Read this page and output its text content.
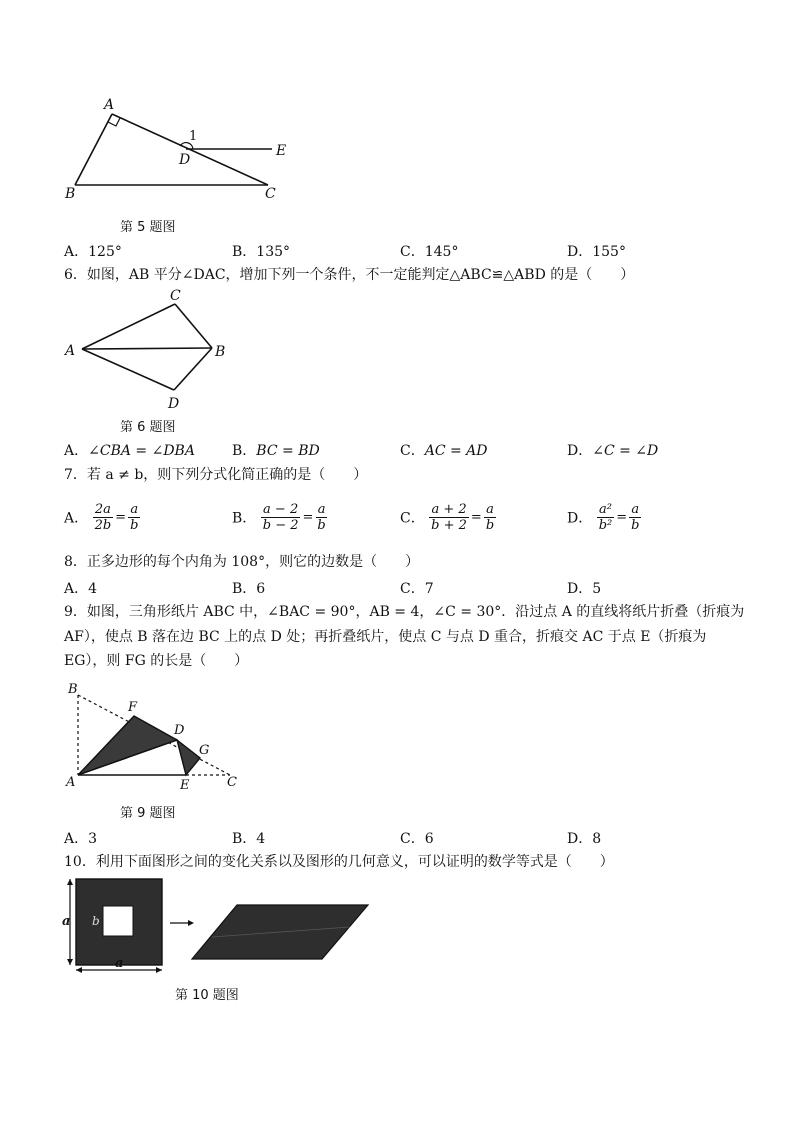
A
B	C
D
E
1
第 5 题图
A．125°	B．135°	C．145°	D．155°
6．如图，AB 平分∠DAC，增加下列一个条件，不一定能判定△ABC≌△ABD 的是（　　）
A	B
C
D
第 6 题图
A．∠CBA = ∠DBA	B．BC = BD	C．AC = AD	D．∠C = ∠D
7．若 a ≠ b，则下列分式化简正确的是（　　）
A． $\frac{2a}{2b} = \frac{a}{b}$	B． $\frac{a - 2}{b - 2} = \frac{a}{b}$	C． $\frac{a + 2}{b + 2} = \frac{a}{b}$	D． $\frac{\text{a²}}{\text{b²}} = \frac{a}{b}$
8．正多边形的每个内角为 108°，则它的边数是（　　）
A．4	B．6	C．7	D．5
9．如图，三角形纸片 ABC 中，∠BAC = 90°，AB = 4，∠C = 30°．沿过点 A 的直线将纸片折叠（折痕为
AF），使点 B 落在边 BC 上的点 D 处；再折叠纸片，使点 C 与点 D 重合，折痕交 AC 于点 E（折痕为
EG），则 FG 的长是（　　）
B
F
D
G
A	E	C
第 9 题图
A．3	B．4	C．6	D．8
10．利用下面图形之间的变化关系以及图形的几何意义，可以证明的数学等式是（　　）
a
a
b
第 10 题图
